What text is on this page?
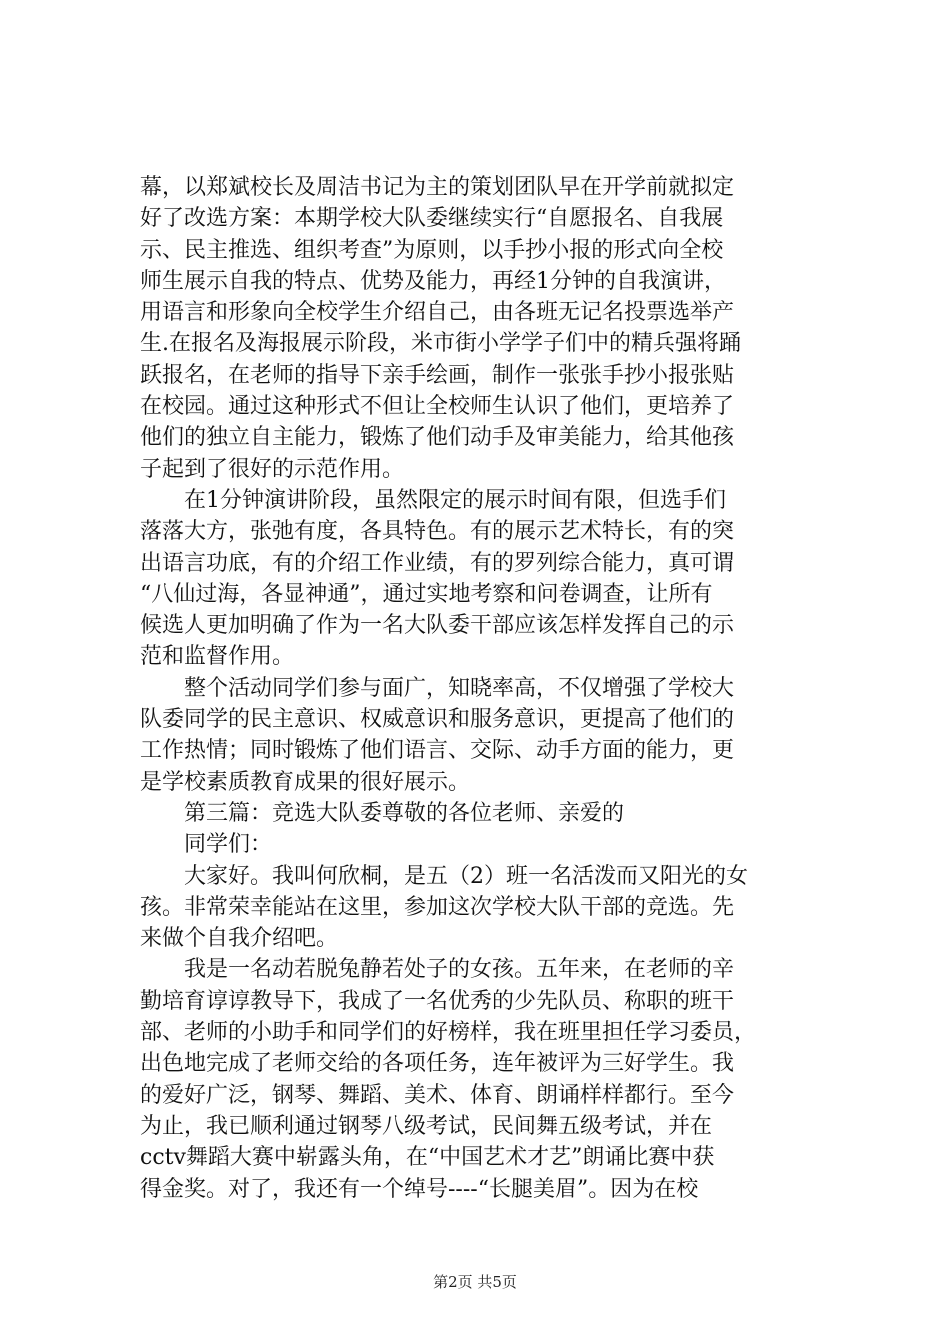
幕，以郑斌校长及周洁书记为主的策划团队早在开学前就拟定
好了改选方案：本期学校大队委继续实行“自愿报名、自我展
示、民主推选、组织考查”为原则，以手抄小报的形式向全校
师生展示自我的特点、优势及能力，再经1分钟的自我演讲，
用语言和形象向全校学生介绍自己，由各班无记名投票选举产
生.在报名及海报展示阶段，米市街小学学子们中的精兵强将踊
跃报名，在老师的指导下亲手绘画，制作一张张手抄小报张贴
在校园。通过这种形式不但让全校师生认识了他们，更培养了
他们的独立自主能力，锻炼了他们动手及审美能力，给其他孩
子起到了很好的示范作用。
　　在1分钟演讲阶段，虽然限定的展示时间有限，但选手们
落落大方，张弛有度，各具特色。有的展示艺术特长，有的突
出语言功底，有的介绍工作业绩，有的罗列综合能力，真可谓
“八仙过海，各显神通”，通过实地考察和问卷调查，让所有
候选人更加明确了作为一名大队委干部应该怎样发挥自己的示
范和监督作用。
　　整个活动同学们参与面广，知晓率高，不仅增强了学校大
队委同学的民主意识、权威意识和服务意识，更提高了他们的
工作热情；同时锻炼了他们语言、交际、动手方面的能力，更
是学校素质教育成果的很好展示。
　　第三篇：竞选大队委尊敬的各位老师、亲爱的
　　同学们：
　　大家好。我叫何欣桐，是五（2）班一名活泼而又阳光的女
孩。非常荣幸能站在这里，参加这次学校大队干部的竞选。先
来做个自我介绍吧。
　　我是一名动若脱兔静若处子的女孩。五年来，在老师的辛
勤培育谆谆教导下，我成了一名优秀的少先队员、称职的班干
部、老师的小助手和同学们的好榜样，我在班里担任学习委员，
出色地完成了老师交给的各项任务，连年被评为三好学生。我
的爱好广泛，钢琴、舞蹈、美术、体育、朗诵样样都行。至今
为止，我已顺利通过钢琴八级考试，民间舞五级考试，并在
cctv舞蹈大赛中崭露头角，在“中国艺术才艺”朗诵比赛中获
得金奖。对了，我还有一个绰号----“长腿美眉”。因为在校
第2页 共5页
